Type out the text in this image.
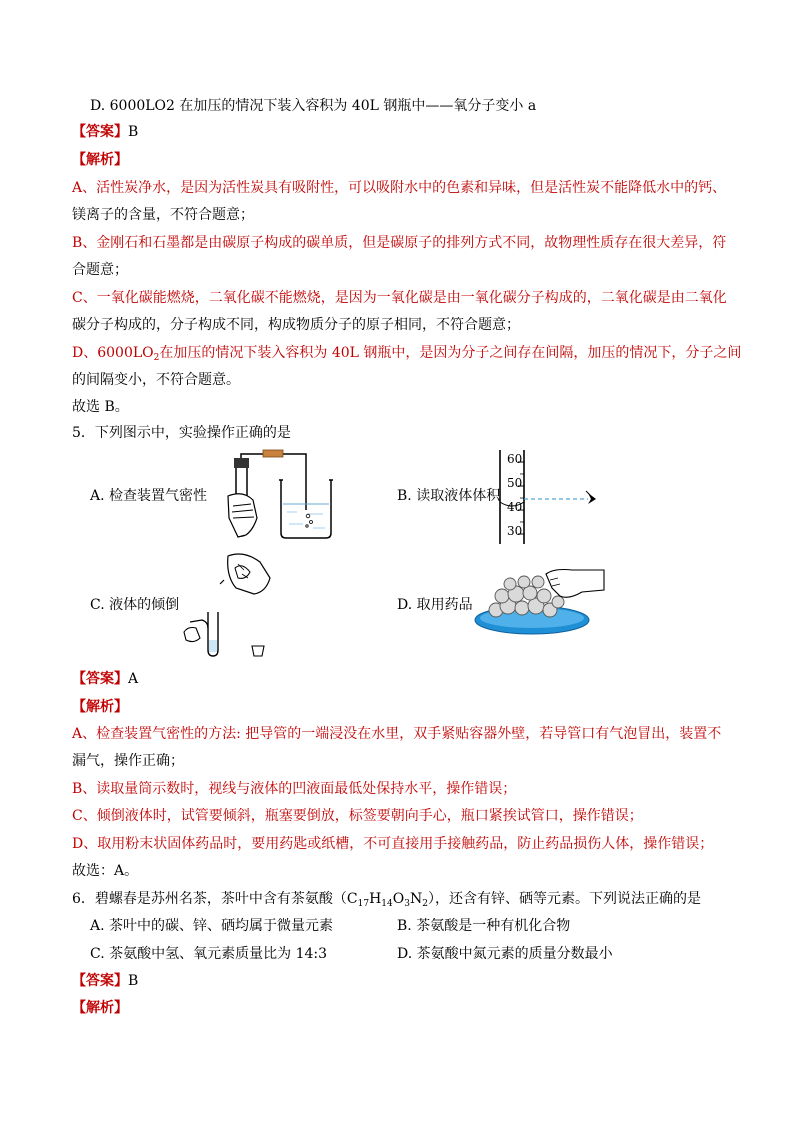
D. 6000LO2 在加压的情况下装入容积为 40L 钢瓶中——氧分子变小 a
【答案】B
【解析】
A、活性炭净水，是因为活性炭具有吸附性，可以吸附水中的色素和异味，但是活性炭不能降低水中的钙、
镁离子的含量，不符合题意；
B、金刚石和石墨都是由碳原子构成的碳单质，但是碳原子的排列方式不同，故物理性质存在很大差异，符
合题意；
C、一氧化碳能燃烧，二氧化碳不能燃烧，是因为一氧化碳是由一氧化碳分子构成的，二氧化碳是由二氧化
碳分子构成的，分子构成不同，构成物质分子的原子相同，不符合题意；
D、$6000LO_2$在加压的情况下装入容积为 40L 钢瓶中，是因为分子之间存在间隔，加压的情况下，分子之间
的间隔变小，不符合题意。
故选 B。
5．下列图示中，实验操作正确的是
A. 检查装置气密性	B. 读取液体体积
60
50
40
30
C. 液体的倾倒	D. 取用药品
【答案】A
【解析】
A、检查装置气密性的方法: 把导管的一端浸没在水里，双手紧贴容器外壁，若导管口有气泡冒出，装置不
漏气，操作正确；
B、读取量筒示数时，视线与液体的凹液面最低处保持水平，操作错误；
C、倾倒液体时，试管要倾斜，瓶塞要倒放，标签要朝向手心，瓶口紧挨试管口，操作错误；
D、取用粉末状固体药品时，要用药匙或纸槽，不可直接用手接触药品，防止药品损伤人体，操作错误；
故选：A。
6．碧螺春是苏州名茶，茶叶中含有茶氨酸$(C_{17}H_{14}O_3N_2)$，还含有锌、硒等元素。下列说法正确的是
A. 茶叶中的碳、锌、硒均属于微量元素	B. 茶氨酸是一种有机化合物
C. 茶氨酸中氢、氧元素质量比为 14:3	D. 茶氨酸中氮元素的质量分数最小
【答案】B
【解析】
